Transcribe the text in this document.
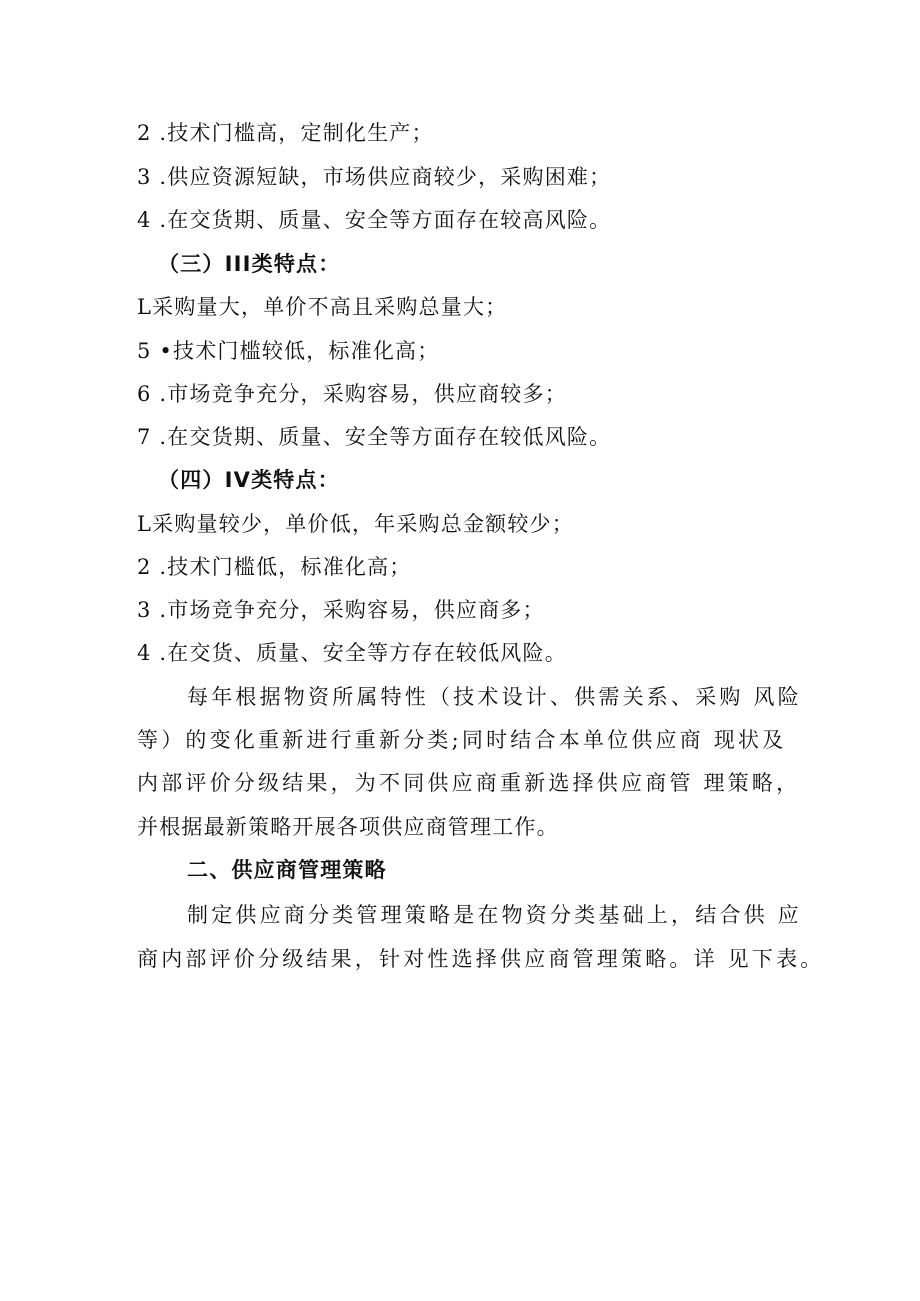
2 .技术门槛高，定制化生产；
3 .供应资源短缺，市场供应商较少，采购困难；
4 .在交货期、质量、安全等方面存在较高风险。
（三）III类特点：
L采购量大，单价不高且采购总量大；
5 •技术门槛较低，标准化高；
6 .市场竞争充分，采购容易，供应商较多；
7 .在交货期、质量、安全等方面存在较低风险。
（四）IV类特点：
L采购量较少，单价低，年采购总金额较少；
2 .技术门槛低，标准化高；
3 .市场竞争充分，采购容易，供应商多；
4 .在交货、质量、安全等方存在较低风险。
每年根据物资所属特性（技术设计、供需关系、采购 风险
等）的变化重新进行重新分类;同时结合本单位供应商 现状及
内部评价分级结果，为不同供应商重新选择供应商管 理策略，
并根据最新策略开展各项供应商管理工作。
二、供应商管理策略
制定供应商分类管理策略是在物资分类基础上，结合供 应
商内部评价分级结果，针对性选择供应商管理策略。详 见下表。
